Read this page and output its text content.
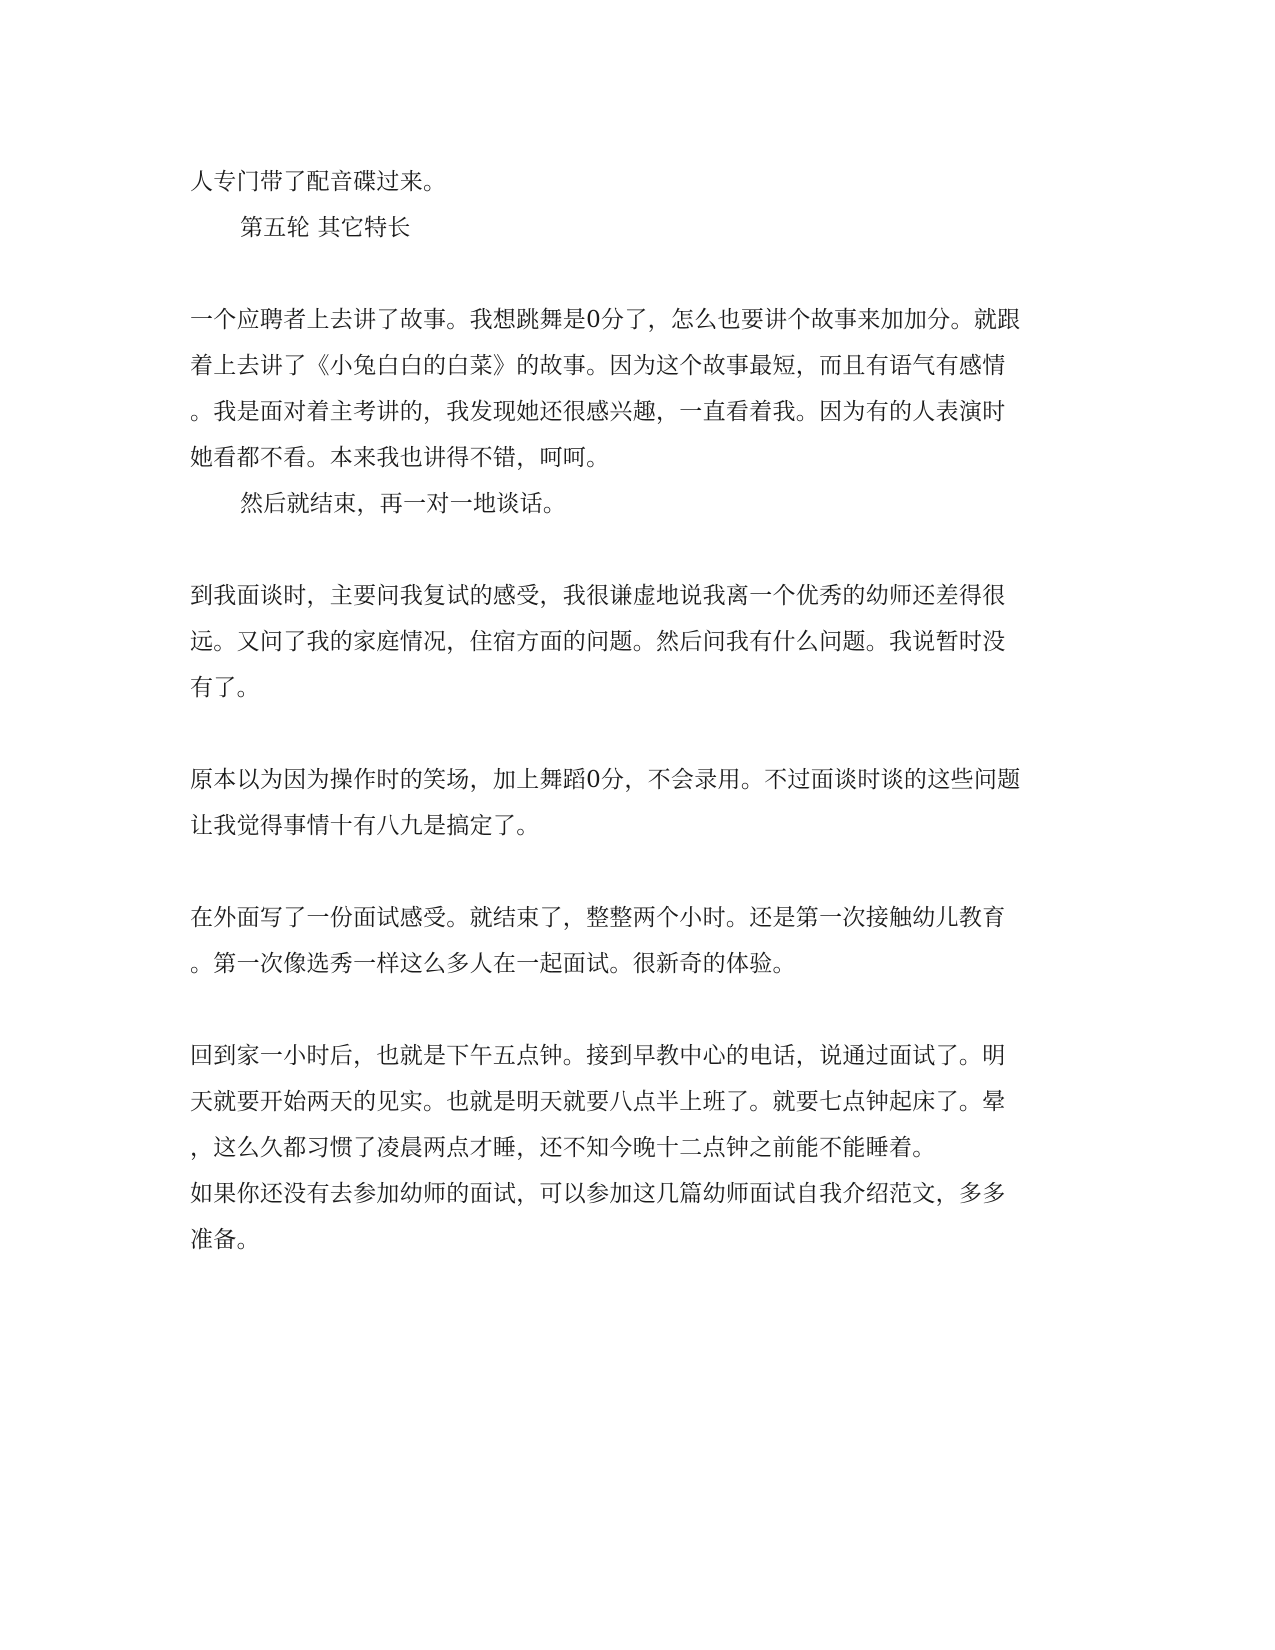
人专门带了配音碟过来。
第五轮 其它特长
一个应聘者上去讲了故事。我想跳舞是0分了，怎么也要讲个故事来加加分。就跟
着上去讲了《小兔白白的白菜》的故事。因为这个故事最短，而且有语气有感情
。我是面对着主考讲的，我发现她还很感兴趣，一直看着我。因为有的人表演时
她看都不看。本来我也讲得不错，呵呵。
然后就结束，再一对一地谈话。
到我面谈时，主要问我复试的感受，我很谦虚地说我离一个优秀的幼师还差得很
远。又问了我的家庭情况，住宿方面的问题。然后问我有什么问题。我说暂时没
有了。
原本以为因为操作时的笑场，加上舞蹈0分，不会录用。不过面谈时谈的这些问题
让我觉得事情十有八九是搞定了。
在外面写了一份面试感受。就结束了，整整两个小时。还是第一次接触幼儿教育
。第一次像选秀一样这么多人在一起面试。很新奇的体验。
回到家一小时后，也就是下午五点钟。接到早教中心的电话，说通过面试了。明
天就要开始两天的见实。也就是明天就要八点半上班了。就要七点钟起床了。晕
，这么久都习惯了凌晨两点才睡，还不知今晚十二点钟之前能不能睡着。
如果你还没有去参加幼师的面试，可以参加这几篇幼师面试自我介绍范文，多多
准备。
